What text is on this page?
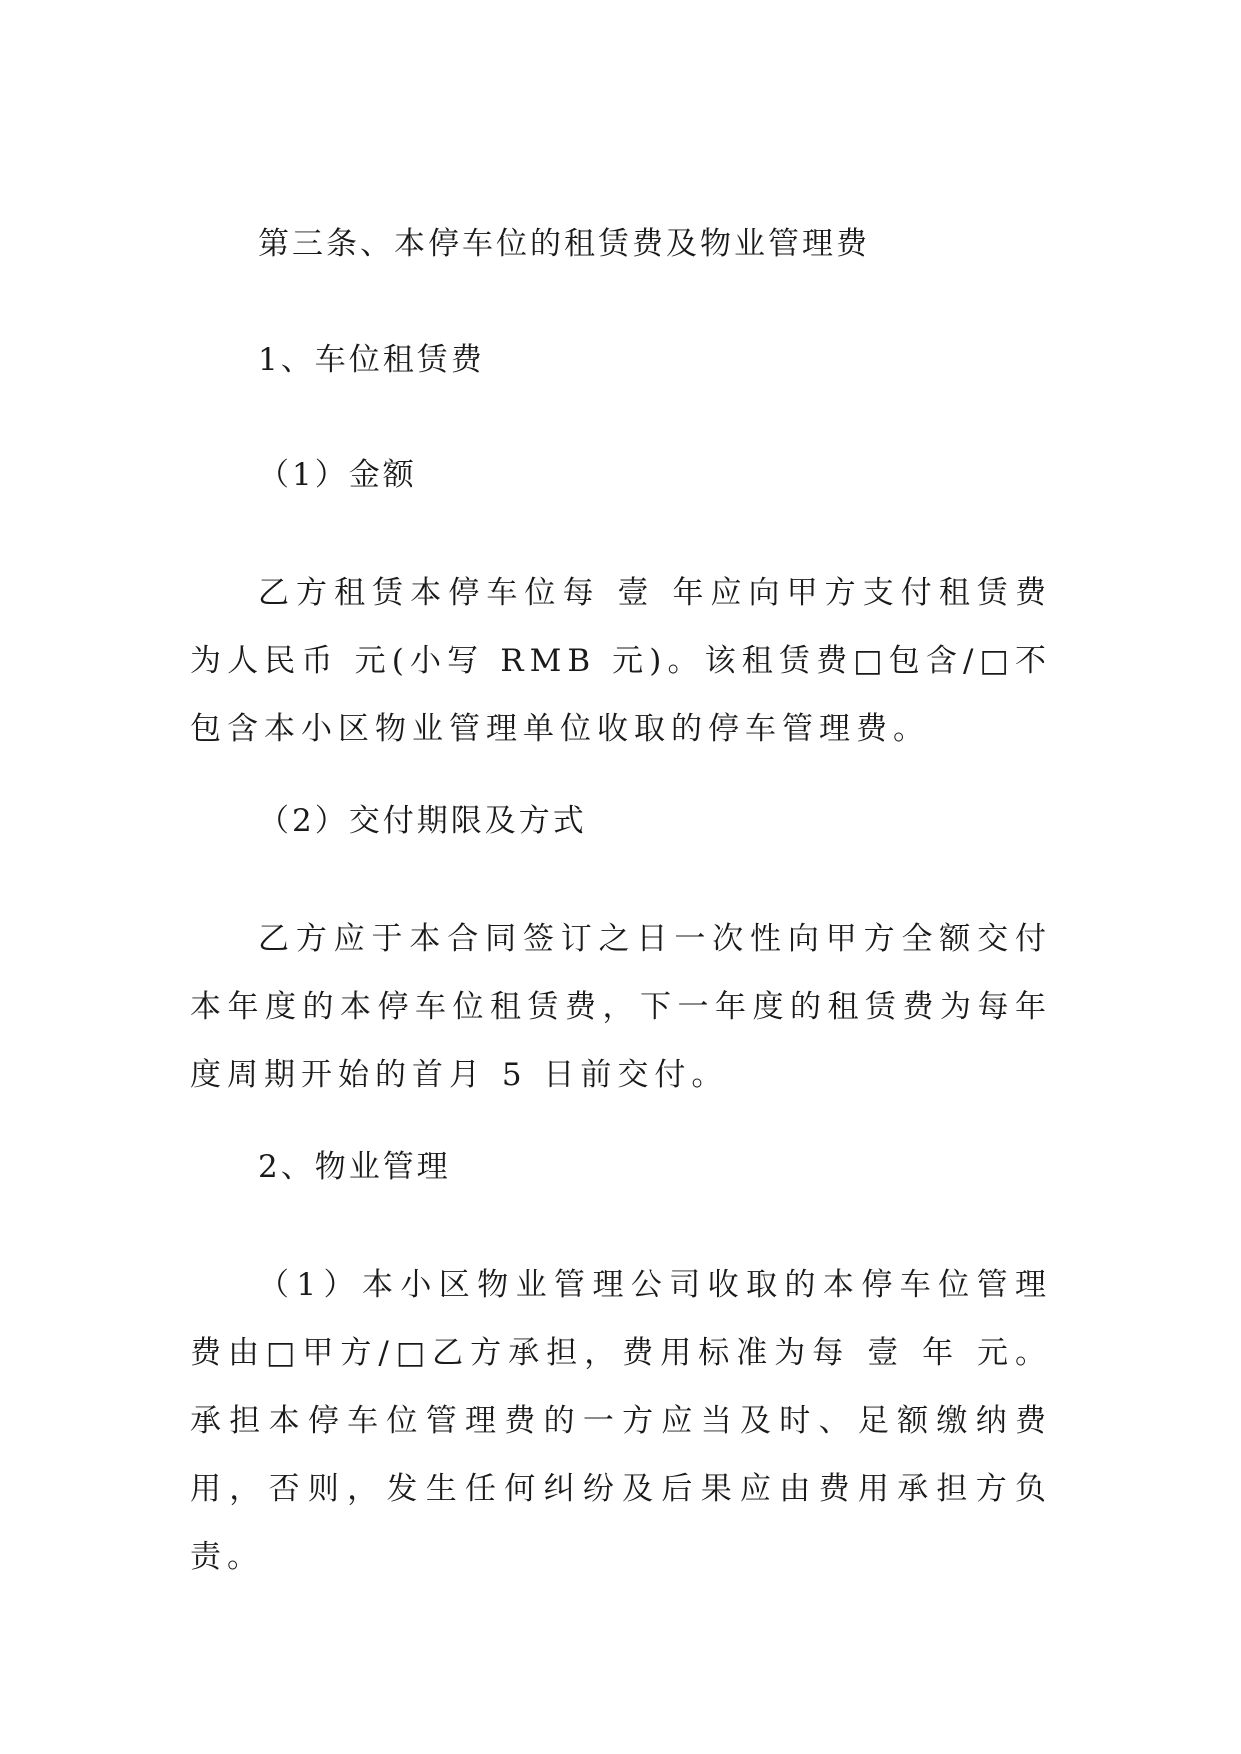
第三条、本停车位的租赁费及物业管理费
1、车位租赁费
（1）金额
乙方租赁本停车位每 壹 年应向甲方支付租赁费为人民币 元(小写 RMB 元)。该租赁费□包含/□不包含本小区物业管理单位收取的停车管理费。
（2）交付期限及方式
乙方应于本合同签订之日一次性向甲方全额交付本年度的本停车位租赁费，下一年度的租赁费为每年度周期开始的首月 5 日前交付。
2、物业管理
（1）本小区物业管理公司收取的本停车位管理费由□甲方/□乙方承担，费用标准为每 壹 年 元。承担本停车位管理费的一方应当及时、足额缴纳费用，否则，发生任何纠纷及后果应由费用承担方负责。
